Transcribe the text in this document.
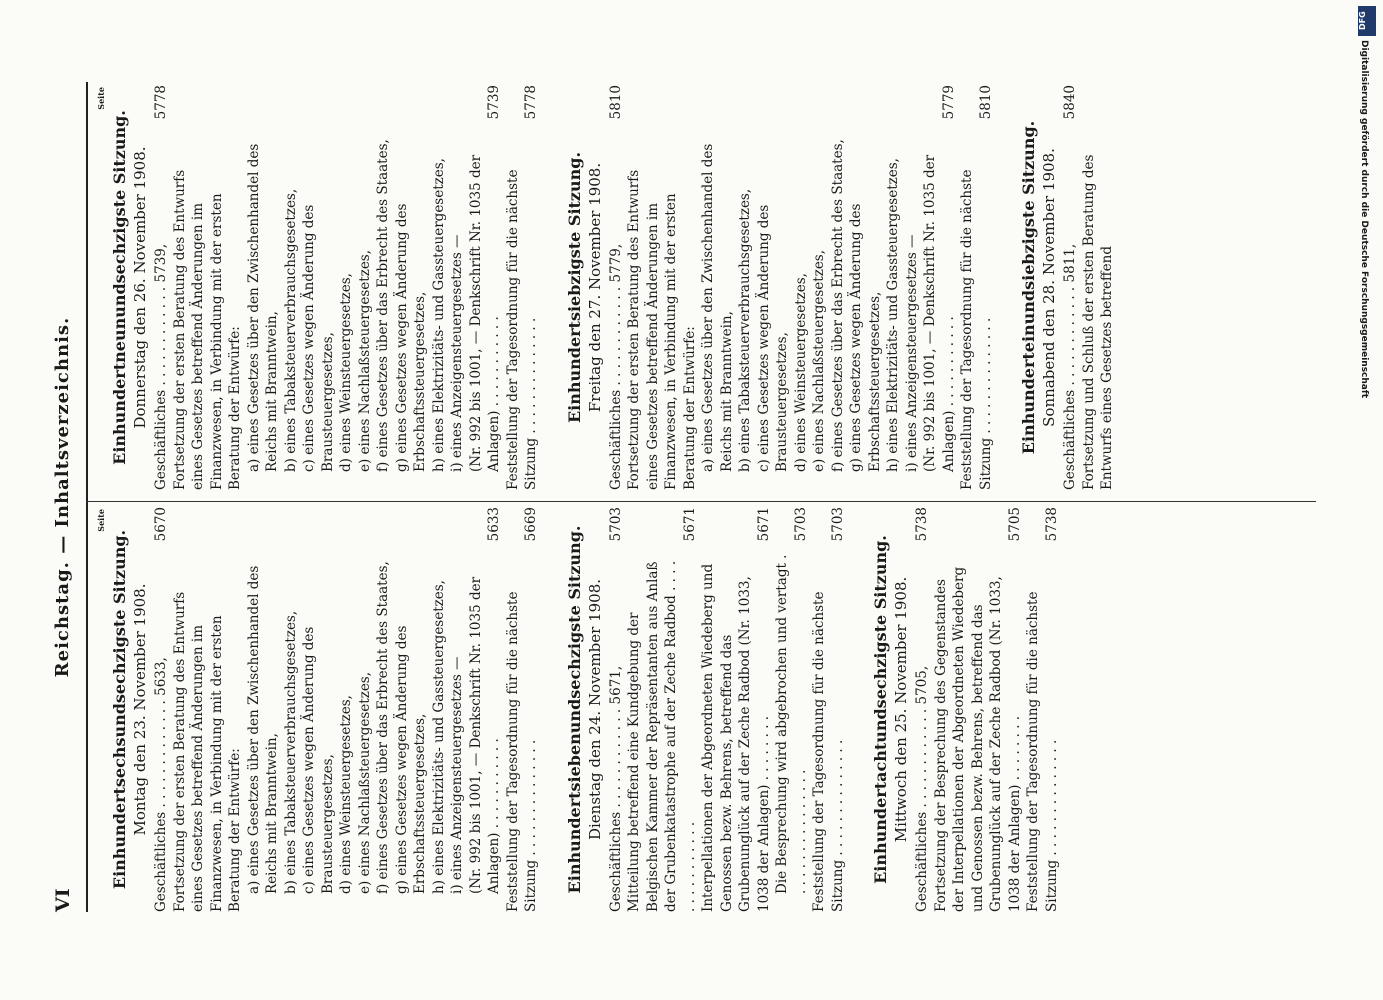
VI
Reichstag. — Inhaltsverzeichnis.	Seite
Einhundertsechsundsechzigste Sitzung. Montag den 23. November 1908. Geschäftliches . . . . . . . . . . . . . 5633,
5670
Fortsetzung der ersten Beratung des Entwurfs eines Gesetzes betreffend Änderungen im Finanzwesen, in Verbindung mit der ersten Beratung der Entwürfe: a) eines Gesetzes über den Zwischenhandel des Reichs mit Branntwein, b) eines Tabaksteuerverbrauchsgesetzes, c) eines Gesetzes wegen Änderung des Brausteuergesetzes, d) eines Weinsteuergesetzes, e) eines Nachlaßsteuergesetzes, f) eines Gesetzes über das Erbrecht des Staates, g) eines Gesetzes wegen Änderung des Erbschaftssteuergesetzes, h) eines Elektrizitäts- und Gassteuergesetzes, i) eines Anzeigensteuergesetzes — (Nr. 992 bis 1001, — Denkschrift Nr. 1035 der Anlagen) . . . . . . . . . . .
5633
Feststellung der Tagesordnung für die nächste Sitzung . . . . . . . . . . . . . .
5669
Einhundertsiebenundsechzigste Sitzung. Dienstag den 24. November 1908. Geschäftliches . . . . . . . . . . . . 5671,
5703
Mitteilung betreffend eine Kundgebung der Belgischen Kammer der Repräsentanten aus Anlaß der Grubenkatastrophe auf der Zeche Radbod . . . . . . . . . . . . . . .
5671
Interpellationen der Abgeordneten Wiedeberg und Genossen bezw. Behrens, betreffend das Grubenunglück auf der Zeche Radbod (Nr. 1033, 1038 der Anlagen) . . . . . . . .
5671
Die Besprechung wird abgebrochen und vertagt . . . . . . . . . . . . . . . .
5703
Feststellung der Tagesordnung für die nächste Sitzung . . . . . . . . . . . . . .
5703
Einhundertachtundsechzigste Sitzung. Mittwoch den 25. November 1908. Geschäftliches . . . . . . . . . . . . 5705,
5738
Fortsetzung der Besprechung des Gegenstandes der Interpellationen der Abgeordneten Wiedeberg und Genossen bezw. Behrens, betreffend das Grubenunglück auf der Zeche Radbod (Nr. 1033, 1038 der Anlagen) . . . . . . . .
5705
Feststellung der Tagesordnung für die nächste Sitzung . . . . . . . . . . . . . .
5738
Seite
Einhundertneunundsechzigste Sitzung. Donnerstag den 26. November 1908. Geschäftliches . . . . . . . . . . . . 5739,
5778
Fortsetzung der ersten Beratung des Entwurfs eines Gesetzes betreffend Änderungen im Finanzwesen, in Verbindung mit der ersten Beratung der Entwürfe: a) eines Gesetzes über den Zwischenhandel des Reichs mit Branntwein, b) eines Tabaksteuerverbrauchsgesetzes, c) eines Gesetzes wegen Änderung des Brausteuergesetzes, d) eines Weinsteuergesetzes, e) eines Nachlaßsteuergesetzes, f) eines Gesetzes über das Erbrecht des Staates, g) eines Gesetzes wegen Änderung des Erbschaftssteuergesetzes, h) eines Elektrizitäts- und Gassteuergesetzes, i) eines Anzeigensteuergesetzes — (Nr. 992 bis 1001, — Denkschrift Nr. 1035 der Anlagen) . . . . . . . . . . .
5739
Feststellung der Tagesordnung für die nächste Sitzung . . . . . . . . . . . . . .
5778
Einhundertsiebzigste Sitzung. Freitag den 27. November 1908. Geschäftliches . . . . . . . . . . . . 5779,
5810
Fortsetzung der ersten Beratung des Entwurfs eines Gesetzes betreffend Änderungen im Finanzwesen, in Verbindung mit der ersten Beratung der Entwürfe: a) eines Gesetzes über den Zwischenhandel des Reichs mit Branntwein, b) eines Tabaksteuerverbrauchsgesetzes, c) eines Gesetzes wegen Änderung des Brausteuergesetzes, d) eines Weinsteuergesetzes, e) eines Nachlaßsteuergesetzes, f) eines Gesetzes über das Erbrecht des Staates, g) eines Gesetzes wegen Änderung des Erbschaftssteuergesetzes, h) eines Elektrizitäts- und Gassteuergesetzes, i) eines Anzeigensteuergesetzes — (Nr. 992 bis 1001, — Denkschrift Nr. 1035 der Anlagen) . . . . . . . . . . .
5779
Feststellung der Tagesordnung für die nächste Sitzung . . . . . . . . . . . . . .
5810
Einhunderteinundsiebzigste Sitzung. Sonnabend den 28. November 1908. Geschäftliches . . . . . . . . . . . . 5811,
5840
Fortsetzung und Schluß der ersten Beratung des Entwurfs eines Gesetzes betreffend
DFG
Digitalisierung gefördert durch die Deutsche Forschungsgemeinschaft
